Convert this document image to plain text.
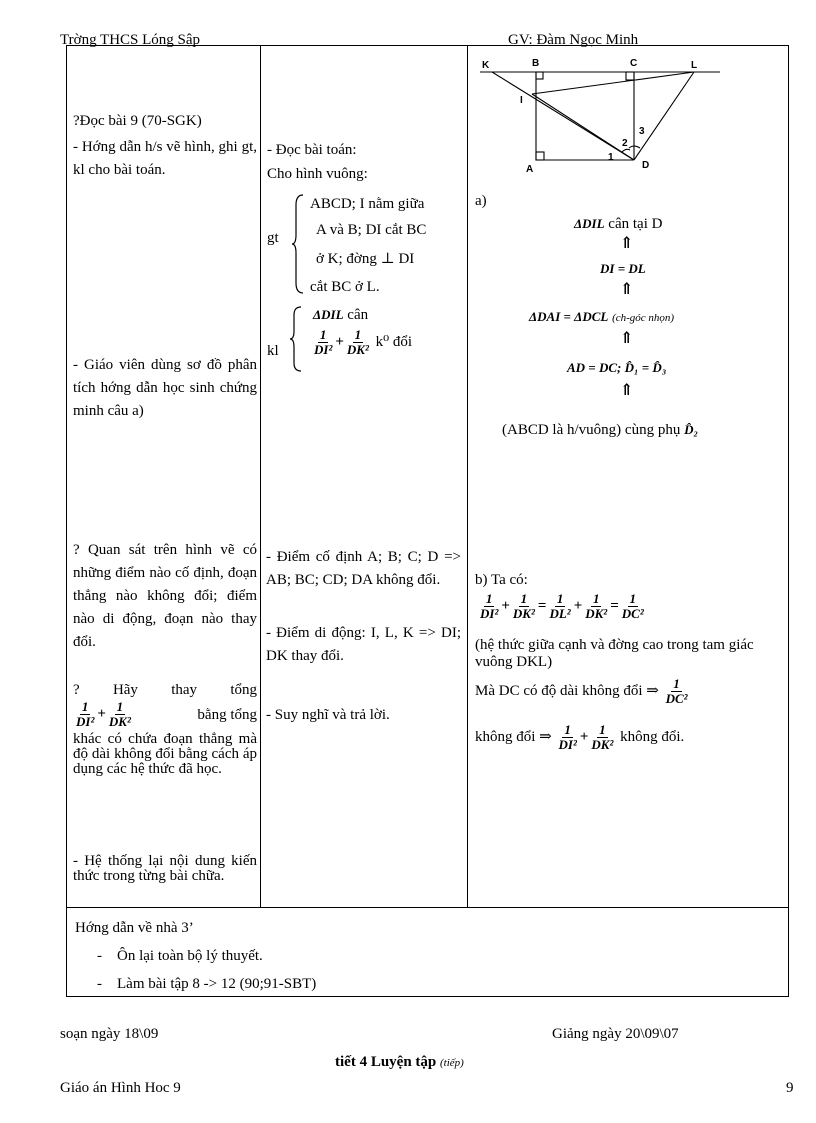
Trờng THCS Lóng Sập	GV: Đàm Ngọc Minh
?Đọc bài 9 (70-SGK)
- Hớng dẫn h/s vẽ hình, ghi gt, kl cho bài toán.
- Giáo viên dùng sơ đồ phân tích hớng dẫn học sinh chứng minh câu a)
? Quan sát trên hình vẽ có những điểm nào cố định, đoạn thẳng nào không đổi; điểm nào di động, đoạn nào thay đổi.
? Hãy thay tổng
$\frac{1}{\text{DI²}} + \frac{1}{\text{DK²}}$	bằng tổng
khác có chứa đoạn thẳng mà độ dài không đổi bằng cách áp dụng các hệ thức đã học.
- Hệ thống lại nội dung kiến thức trong từng bài chữa.
- Đọc bài toán:
Cho hình vuông:
gt
ABCD; I nằm giữa
A và B; DI cắt BC
ở K; đờng ⊥ DI
cắt BC ở L.
kl
ΔDIL cân
$\frac{1}{\text{DI²}} + \frac{1}{\text{DK²}} k^0$ đổi
- Điểm cố định A; B; C; D => AB; BC; CD; DA không đổi.
- Điểm di động: I, L, K => DI; DK thay đổi.
- Suy nghĩ và trả lời.
K	B	C	L
I
A	D
1
2
3
a)
ΔDIL cân tại D
⇑
DI = DL
⇑
ΔDAI = ΔDCL (ch-góc nhọn)
⇑
AD = DC; D̂₁ = D̂₃
⇑
(ABCD là h/vuông) cùng phụ D̂₂
b) Ta có:
$\frac{1}{\text{DI²}} + \frac{1}{\text{DK²}} = \frac{1}{\text{DL²}} + \frac{1}{\text{DK²}} = \frac{1}{\text{DC²}}$
(hệ thức giữa cạnh và đờng cao trong tam giác vuông DKL)
Mà DC có độ dài không đổi ⇒ $\frac{1}{\text{DC²}}$
không đổi ⇒ $\frac{1}{\text{DI²}} + \frac{1}{\text{DK²}}$ không đổi.
Hớng dẫn về nhà 3’
-    Ôn lại toàn bộ lý thuyết.
-    Làm bài tập 8 -> 12 (90;91-SBT)
soạn ngày 18\09	Giảng ngày 20\09\07
tiết 4 Luyện tập (tiếp)
Giáo án Hình Hoc 9	9
